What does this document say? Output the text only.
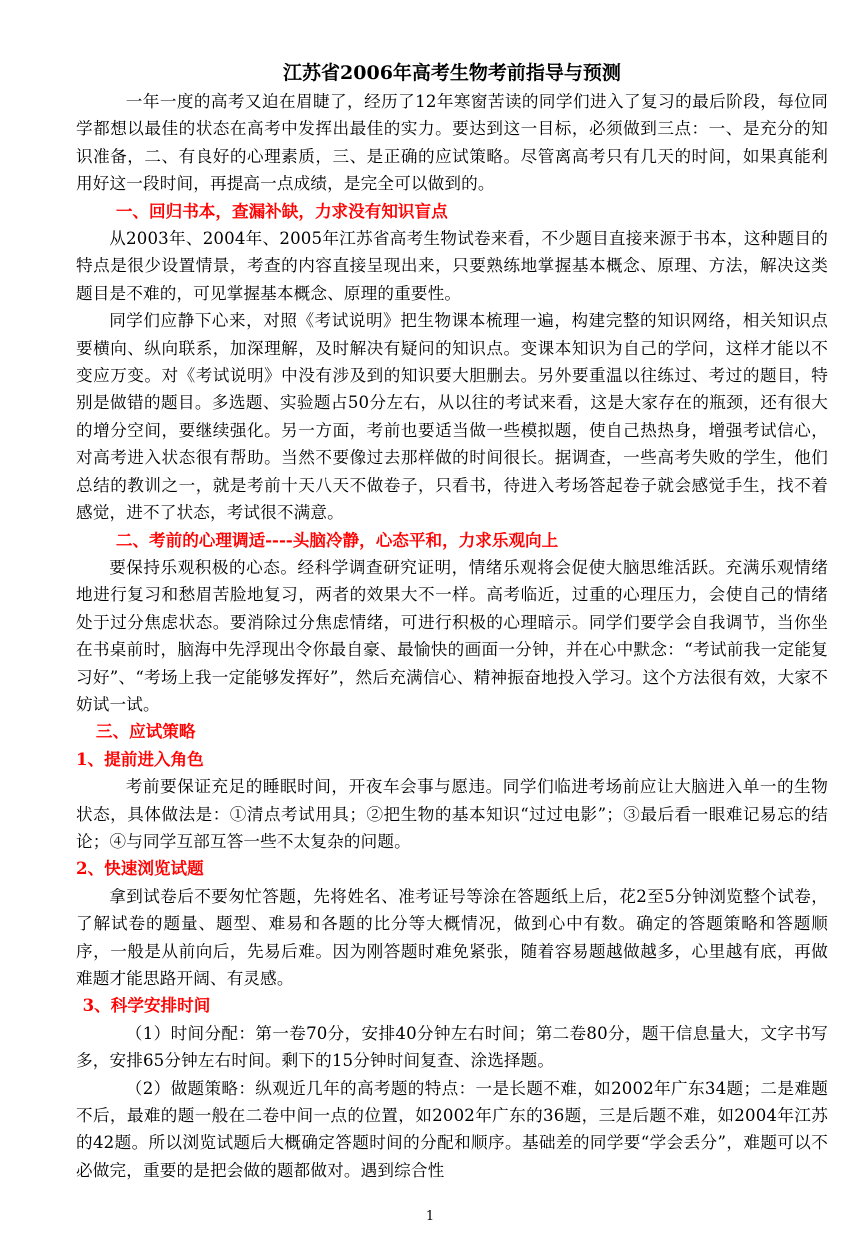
江苏省2006年高考生物考前指导与预测

一年一度的高考又迫在眉睫了，经历了12年寒窗苦读的同学们进入了复习的最后阶段，每位同学都想以最佳的状态在高考中发挥出最佳的实力。要达到这一目标，必须做到三点：一、是充分的知识准备，二、有良好的心理素质，三、是正确的应试策略。尽管离高考只有几天的时间，如果真能利用好这一段时间，再提高一点成绩，是完全可以做到的。

一、回归书本，查漏补缺，力求没有知识盲点

从2003年、2004年、2005年江苏省高考生物试卷来看，不少题目直接来源于书本，这种题目的特点是很少设置情景，考查的内容直接呈现出来，只要熟练地掌握基本概念、原理、方法，解决这类题目是不难的，可见掌握基本概念、原理的重要性。

同学们应静下心来，对照《考试说明》把生物课本梳理一遍，构建完整的知识网络，相关知识点要横向、纵向联系，加深理解，及时解决有疑问的知识点。变课本知识为自己的学问，这样才能以不变应万变。对《考试说明》中没有涉及到的知识要大胆删去。另外要重温以往练过、考过的题目，特别是做错的题目。多选题、实验题占50分左右，从以往的考试来看，这是大家存在的瓶颈，还有很大的增分空间，要继续强化。另一方面，考前也要适当做一些模拟题，使自己热热身，增强考试信心，对高考进入状态很有帮助。当然不要像过去那样做的时间很长。据调查，一些高考失败的学生，他们总结的教训之一，就是考前十天八天不做卷子，只看书，待进入考场答起卷子就会感觉手生，找不着感觉，进不了状态，考试很不满意。

二、考前的心理调适----头脑冷静，心态平和，力求乐观向上

要保持乐观积极的心态。经科学调查研究证明，情绪乐观将会促使大脑思维活跃。充满乐观情绪地进行复习和愁眉苦脸地复习，两者的效果大不一样。高考临近，过重的心理压力，会使自己的情绪处于过分焦虑状态。要消除过分焦虑情绪，可进行积极的心理暗示。同学们要学会自我调节，当你坐在书桌前时，脑海中先浮现出令你最自豪、最愉快的画面一分钟，并在心中默念：“考试前我一定能复习好”、“考场上我一定能够发挥好”，然后充满信心、精神振奋地投入学习。这个方法很有效，大家不妨试一试。

三、应试策略

1、提前进入角色

考前要保证充足的睡眠时间，开夜车会事与愿违。同学们临进考场前应让大脑进入单一的生物状态，具体做法是：①清点考试用具；②把生物的基本知识“过过电影”；③最后看一眼难记易忘的结论；④与同学互部互答一些不太复杂的问题。

2、快速浏览试题

拿到试卷后不要匆忙答题，先将姓名、准考证号等涂在答题纸上后，花2至5分钟浏览整个试卷，了解试卷的题量、题型、难易和各题的比分等大概情况，做到心中有数。确定的答题策略和答题顺序，一般是从前向后，先易后难。因为刚答题时难免紧张，随着容易题越做越多，心里越有底，再做难题才能思路开阔、有灵感。

3、科学安排时间

（1）时间分配：第一卷70分，安排40分钟左右时间；第二卷80分，题干信息量大，文字书写多，安排65分钟左右时间。剩下的15分钟时间复查、涂选择题。

（2）做题策略：纵观近几年的高考题的特点：一是长题不难，如2002年广东34题；二是难题不后，最难的题一般在二卷中间一点的位置，如2002年广东的36题，三是后题不难，如2004年江苏的42题。所以浏览试题后大概确定答题时间的分配和顺序。基础差的同学要“学会丢分”，难题可以不必做完，重要的是把会做的题都做对。遇到综合性

1
